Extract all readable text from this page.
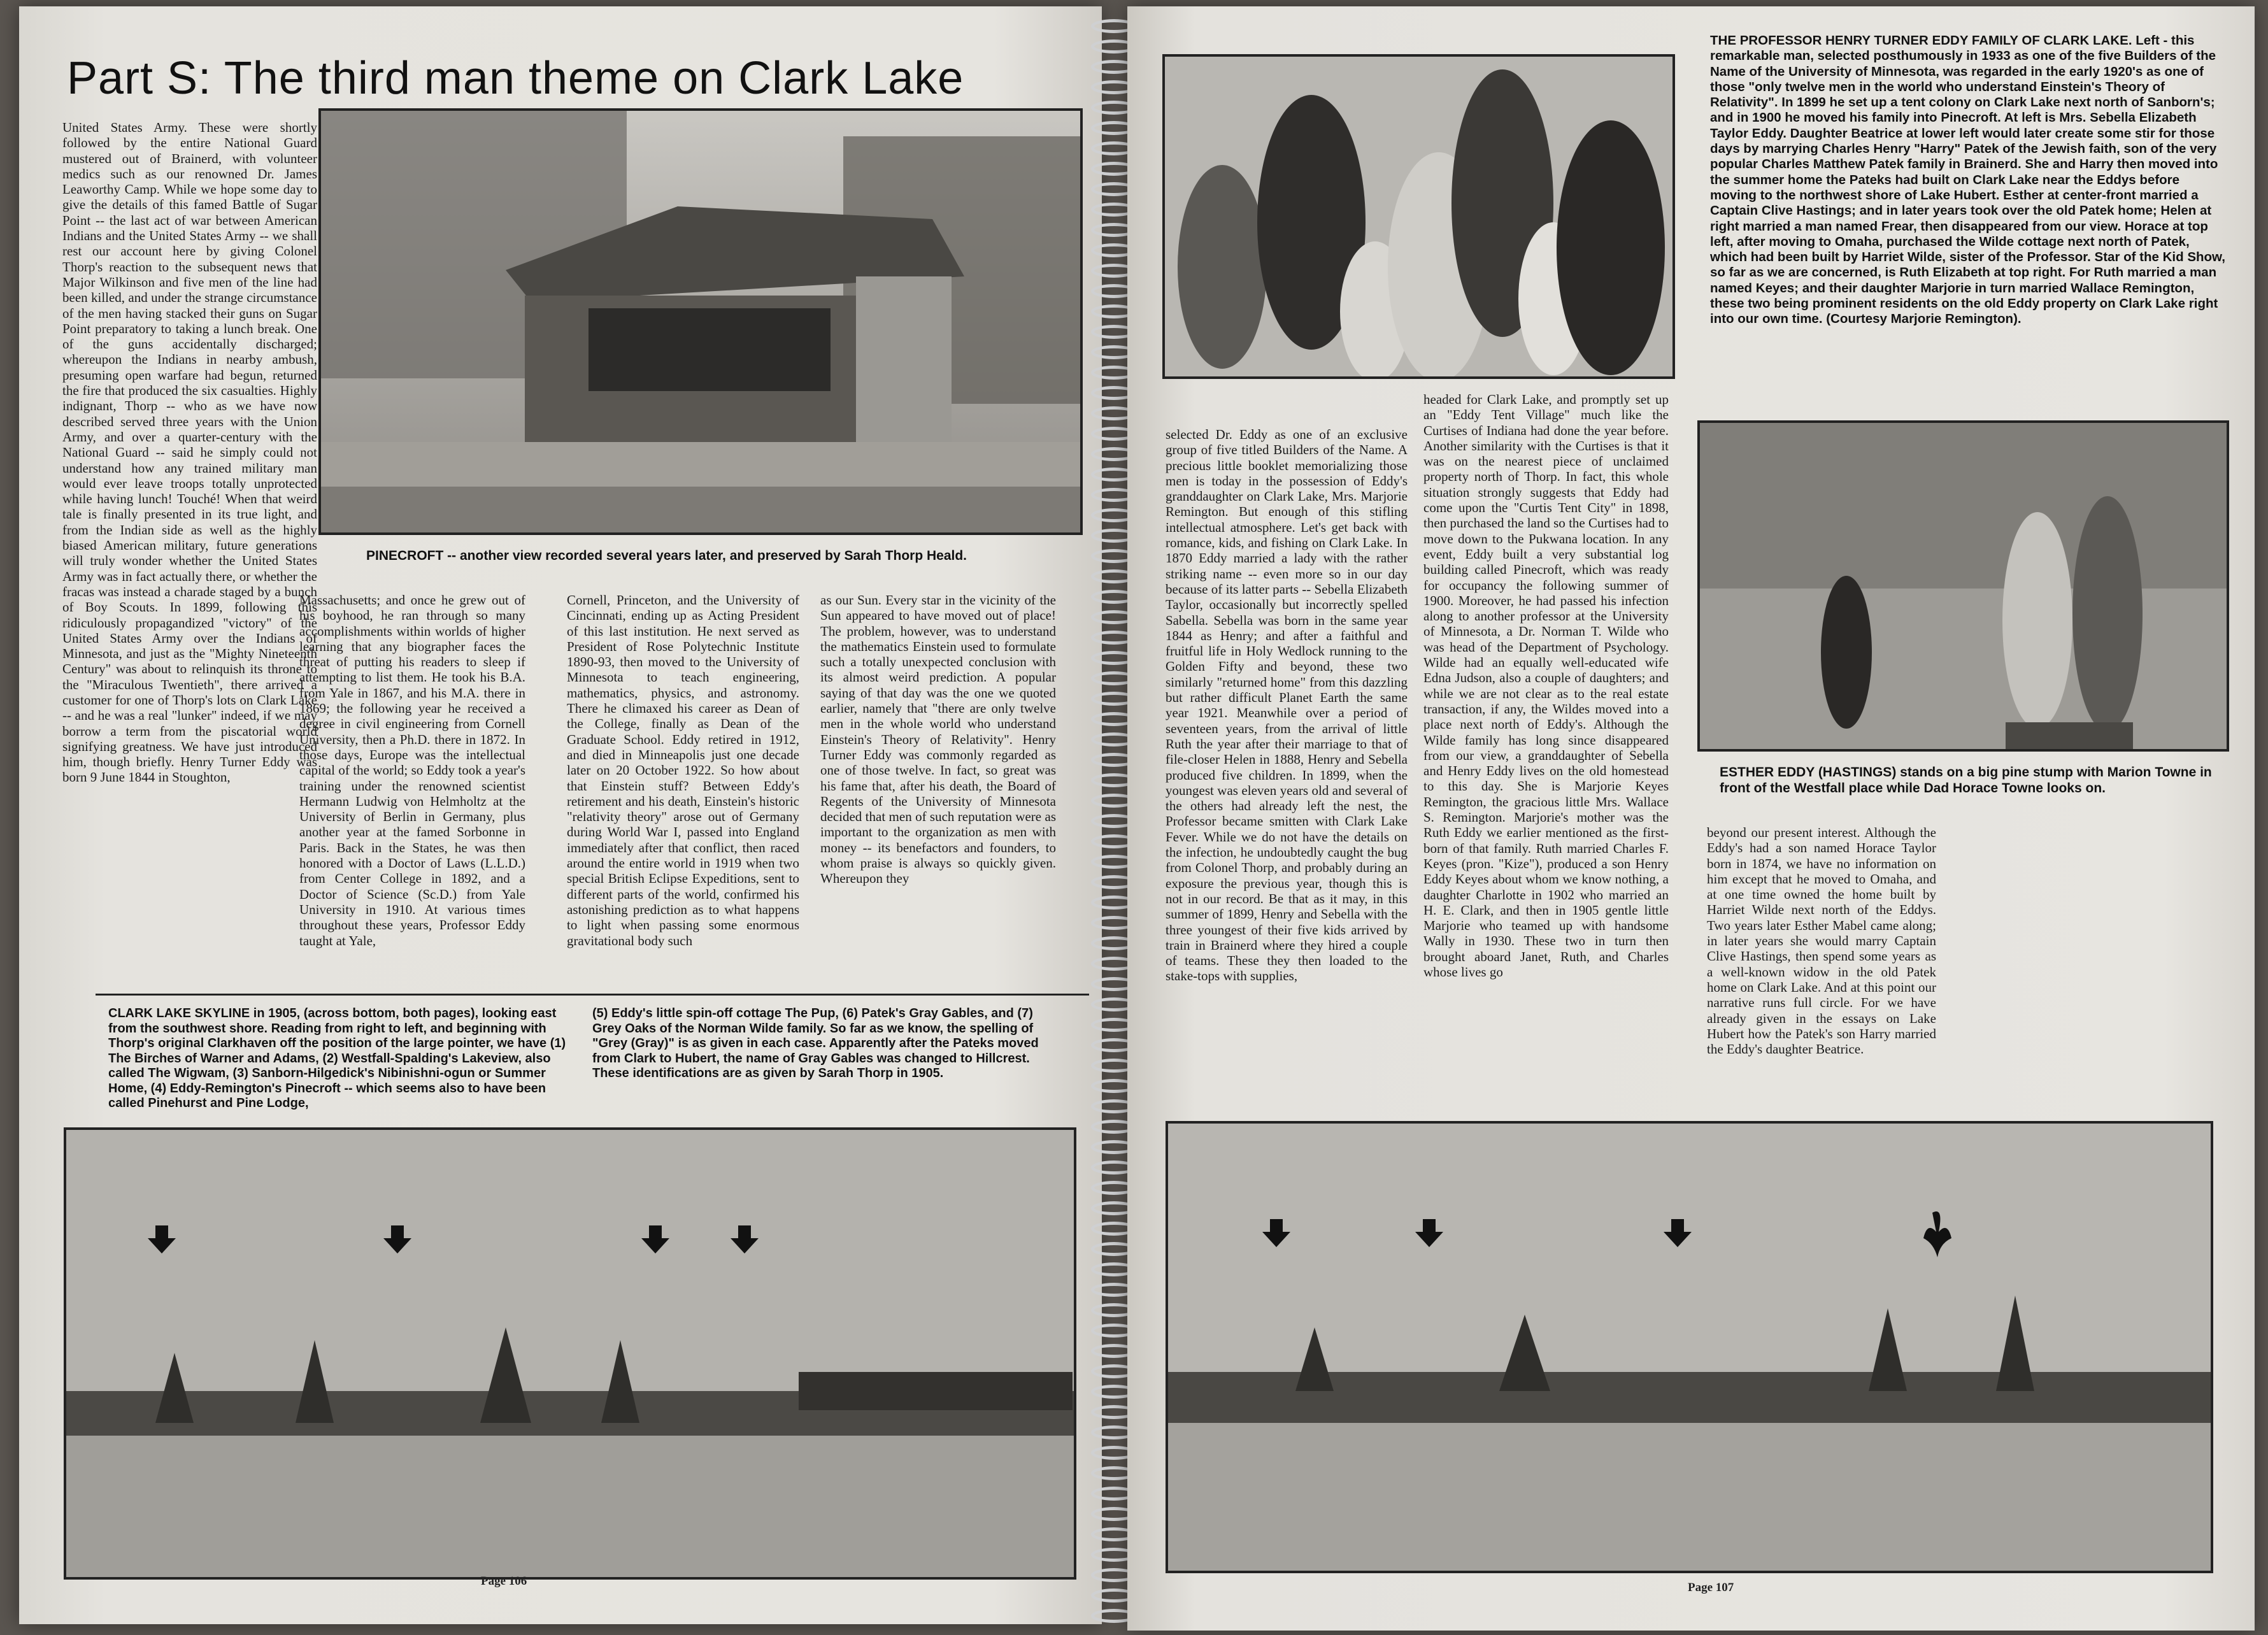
Part S: The third man theme on Clark Lake
United States Army. These were shortly followed by the entire National Guard mustered out of Brainerd, with volunteer medics such as our renowned Dr. James Leaworthy Camp. While we hope some day to give the details of this famed Battle of Sugar Point -- the last act of war between American Indians and the United States Army -- we shall rest our account here by giving Colonel Thorp's reaction to the subsequent news that Major Wilkinson and five men of the line had been killed, and under the strange circumstance of the men having stacked their guns on Sugar Point preparatory to taking a lunch break. One of the guns accidentally discharged; whereupon the Indians in nearby ambush, presuming open warfare had begun, returned the fire that produced the six casualties. Highly indignant, Thorp -- who as we have now described served three years with the Union Army, and over a quarter-century with the National Guard -- said he simply could not understand how any trained military man would ever leave troops totally unprotected while having lunch! Touché! When that weird tale is finally presented in its true light, and from the Indian side as well as the highly biased American military, future generations will truly wonder whether the United States Army was in fact actually there, or whether the fracas was instead a charade staged by a bunch of Boy Scouts. In 1899, following this ridiculously propagandized "victory" of the United States Army over the Indians of Minnesota, and just as the "Mighty Nineteenth Century" was about to relinquish its throne to the "Miraculous Twentieth", there arrived a customer for one of Thorp's lots on Clark Lake -- and he was a real "lunker" indeed, if we may borrow a term from the piscatorial world signifying greatness. We have just introduced him, though briefly. Henry Turner Eddy was born 9 June 1844 in Stoughton,
PINECROFT -- another view recorded several years later, and preserved by Sarah Thorp Heald.
Massachusetts; and once he grew out of his boyhood, he ran through so many accomplishments within worlds of higher learning that any biographer faces the threat of putting his readers to sleep if attempting to list them. He took his B.A. from Yale in 1867, and his M.A. there in 1869; the following year he received a degree in civil engineering from Cornell University, then a Ph.D. there in 1872. In those days, Europe was the intellectual capital of the world; so Eddy took a year's training under the renowned scientist Hermann Ludwig von Helmholtz at the University of Berlin in Germany, plus another year at the famed Sorbonne in Paris. Back in the States, he was then honored with a Doctor of Laws (L.L.D.) from Center College in 1892, and a Doctor of Science (Sc.D.) from Yale University in 1910. At various times throughout these years, Professor Eddy taught at Yale,
Cornell, Princeton, and the University of Cincinnati, ending up as Acting President of this last institution. He next served as President of Rose Polytechnic Institute 1890-93, then moved to the University of Minnesota to teach engineering, mathematics, physics, and astronomy. There he climaxed his career as Dean of the College, finally as Dean of the Graduate School. Eddy retired in 1912, and died in Minneapolis just one decade later on 20 October 1922. So how about that Einstein stuff? Between Eddy's retirement and his death, Einstein's historic "relativity theory" arose out of Germany during World War I, passed into England immediately after that conflict, then raced around the entire world in 1919 when two special British Eclipse Expeditions, sent to different parts of the world, confirmed his astonishing prediction as to what happens to light when passing some enormous gravitational body such
as our Sun. Every star in the vicinity of the Sun appeared to have moved out of place! The problem, however, was to understand the mathematics Einstein used to formulate such a totally unexpected conclusion with its almost weird prediction. A popular saying of that day was the one we quoted earlier, namely that "there are only twelve men in the whole world who understand Einstein's Theory of Relativity". Henry Turner Eddy was commonly regarded as one of those twelve. In fact, so great was his fame that, after his death, the Board of Regents of the University of Minnesota decided that men of such reputation were as important to the organization as men with money -- its benefactors and founders, to whom praise is always so quickly given. Whereupon they
CLARK LAKE SKYLINE in 1905, (across bottom, both pages), looking east from the southwest shore. Reading from right to left, and beginning with Thorp's original Clarkhaven off the position of the large pointer, we have (1) The Birches of Warner and Adams, (2) Westfall-Spalding's Lakeview, also called The Wigwam, (3) Sanborn-Hilgedick's Nibinishni-ogun or Summer Home, (4) Eddy-Remington's Pinecroft -- which seems also to have been called Pinehurst and Pine Lodge,
(5) Eddy's little spin-off cottage The Pup, (6) Patek's Gray Gables, and (7) Grey Oaks of the Norman Wilde family. So far as we know, the spelling of "Grey (Gray)" is as given in each case. Apparently after the Pateks moved from Clark to Hubert, the name of Gray Gables was changed to Hillcrest. These identifications are as given by Sarah Thorp in 1905.
Page 106
THE PROFESSOR HENRY TURNER EDDY FAMILY OF CLARK LAKE. Left - this remarkable man, selected posthumously in 1933 as one of the five Builders of the Name of the University of Minnesota, was regarded in the early 1920's as one of those "only twelve men in the world who understand Einstein's Theory of Relativity". In 1899 he set up a tent colony on Clark Lake next north of Sanborn's; and in 1900 he moved his family into Pinecroft. At left is Mrs. Sebella Elizabeth Taylor Eddy. Daughter Beatrice at lower left would later create some stir for those days by marrying Charles Henry "Harry" Patek of the Jewish faith, son of the very popular Charles Matthew Patek family in Brainerd. She and Harry then moved into the summer home the Pateks had built on Clark Lake near the Eddys before moving to the northwest shore of Lake Hubert. Esther at center-front married a Captain Clive Hastings; and in later years took over the old Patek home; Helen at right married a man named Frear, then disappeared from our view. Horace at top left, after moving to Omaha, purchased the Wilde cottage next north of Patek, which had been built by Harriet Wilde, sister of the Professor. Star of the Kid Show, so far as we are concerned, is Ruth Elizabeth at top right. For Ruth married a man named Keyes; and their daughter Marjorie in turn married Wallace Remington, these two being prominent residents on the old Eddy property on Clark Lake right into our own time. (Courtesy Marjorie Remington).
selected Dr. Eddy as one of an exclusive group of five titled Builders of the Name. A precious little booklet memorializing those men is today in the possession of Eddy's granddaughter on Clark Lake, Mrs. Marjorie Remington. But enough of this stifling intellectual atmosphere. Let's get back with romance, kids, and fishing on Clark Lake. In 1870 Eddy married a lady with the rather striking name -- even more so in our day because of its latter parts -- Sebella Elizabeth Taylor, occasionally but incorrectly spelled Sabella. Sebella was born in the same year 1844 as Henry; and after a faithful and fruitful life in Holy Wedlock running to the Golden Fifty and beyond, these two similarly "returned home" from this dazzling but rather difficult Planet Earth the same year 1921. Meanwhile over a period of seventeen years, from the arrival of little Ruth the year after their marriage to that of file-closer Helen in 1888, Henry and Sebella produced five children. In 1899, when the youngest was eleven years old and several of the others had already left the nest, the Professor became smitten with Clark Lake Fever. While we do not have the details on the infection, he undoubtedly caught the bug from Colonel Thorp, and probably during an exposure the previous year, though this is not in our record. Be that as it may, in this summer of 1899, Henry and Sebella with the three youngest of their five kids arrived by train in Brainerd where they hired a couple of teams. These they then loaded to the stake-tops with supplies,
headed for Clark Lake, and promptly set up an "Eddy Tent Village" much like the Curtises of Indiana had done the year before. Another similarity with the Curtises is that it was on the nearest piece of unclaimed property north of Thorp. In fact, this whole situation strongly suggests that Eddy had come upon the "Curtis Tent City" in 1898, then purchased the land so the Curtises had to move down to the Pukwana location. In any event, Eddy built a very substantial log building called Pinecroft, which was ready for occupancy the following summer of 1900. Moreover, he had passed his infection along to another professor at the University of Minnesota, a Dr. Norman T. Wilde who was head of the Department of Psychology. Wilde had an equally well-educated wife Edna Judson, also a couple of daughters; and while we are not clear as to the real estate transaction, if any, the Wildes moved into a place next north of Eddy's. Although the Wilde family has long since disappeared from our view, a granddaughter of Sebella and Henry Eddy lives on the old homestead to this day. She is Marjorie Keyes Remington, the gracious little Mrs. Wallace S. Remington. Marjorie's mother was the Ruth Eddy we earlier mentioned as the first-born of that family. Ruth married Charles F. Keyes (pron. "Kize"), produced a son Henry Eddy Keyes about whom we know nothing, a daughter Charlotte in 1902 who married an H. E. Clark, and then in 1905 gentle little Marjorie who teamed up with handsome Wally in 1930. These two in turn then brought aboard Janet, Ruth, and Charles whose lives go
ESTHER EDDY (HASTINGS) stands on a big pine stump with Marion Towne in front of the Westfall place while Dad Horace Towne looks on.
beyond our present interest. Although the Eddy's had a son named Horace Taylor born in 1874, we have no information on him except that he moved to Omaha, and at one time owned the home built by Harriet Wilde next north of the Eddys. Two years later Esther Mabel came along; in later years she would marry Captain Clive Hastings, then spend some years as a well-known widow in the old Patek home on Clark Lake. And at this point our narrative runs full circle. For we have already given in the essays on Lake Hubert how the Patek's son Harry married the Eddy's daughter Beatrice.
Page 107
